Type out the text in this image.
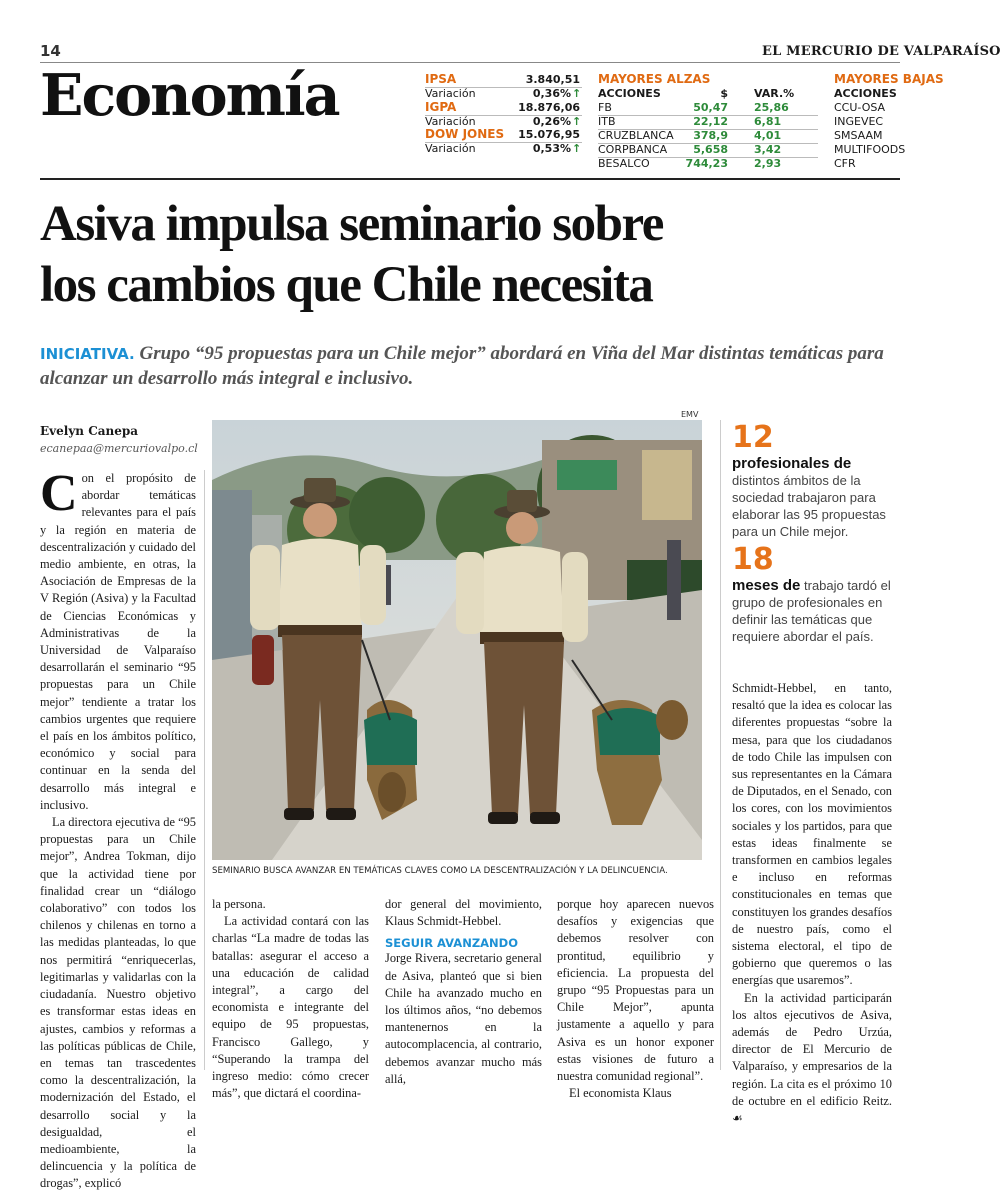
14	EL MERCURIO DE VALPARAÍSO
Economía	IPSA	3.840,51
Variación	0,36%
↑
IGPA	18.876,06
Variación	0,26%
↑
DOW JONES 15.076,95
Variación	0,53%
↑
MAYORES ALZAS
ACCIONES	$ VAR.%
FB	50,47 25,86
ITB	22,12 6,81
CRUZBLANCA	378,9 4,01
CORPBANCA	5,658 3,42
BESALCO	744,23 2,93
MAYORES BAJAS
ACCIONES
CCU-OSA
INGEVEC
SMSAAM
MULTIFOODS
CFR
Asiva impulsa seminario sobre
los cambios que Chile necesita
INICIATIVA. Grupo “95 propuestas para un Chile mejor” abordará en Viña del Mar distintas temáticas para alcanzar un desarrollo más integral e inclusivo.
Evelyn Canepa
ecanepaa@mercuriovalpo.cl

Con el propósito de abordar temáticas relevantes para el país y la región en materia de descentralización y cuidado del medio ambiente, en otras, la Asociación de Empresas de la V Región (Asiva) y la Facultad de Ciencias Económicas y Administrativas de la Universidad de Valparaíso desarrollarán el seminario “95 propuestas para un Chile mejor” tendiente a tratar los cambios urgentes que requiere el país en los ámbitos político, económico y social para continuar en la senda del desarrollo más integral e inclusivo.

La directora ejecutiva de “95 propuestas para un Chile mejor”, Andrea Tokman, dijo que la actividad tiene por finalidad crear un “diálogo colaborativo” con todos los chilenos y chilenas en torno a las medidas planteadas, lo que nos permitirá “enriquecerlas, legitimarlas y validarlas con la ciudadanía. Nuestro objetivo es transformar estas ideas en ajustes, cambios y reformas a las políticas públicas de Chile, en temas tan trascedentes como la descentralización, la modernización del Estado, el desarrollo social y la desigualdad, el medioambiente, la delincuencia y la política de drogas”, explicó

EMV
SEMINARIO BUSCA AVANZAR EN TEMÁTICAS CLAVES COMO LA DESCENTRALIZACIÓN Y LA DELINCUENCIA.
12
profesionales de distintos ámbitos de la sociedad trabajaron para elaborar las 95 propuestas para un Chile mejor.
18
meses de trabajo tardó el grupo de profesionales en definir las temáticas que requiere abordar el país.

la persona.

La actividad contará con las charlas “La madre de todas las batallas: asegurar el acceso a una educación de calidad integral”, a cargo del economista e integrante del equipo de 95 propuestas, Francisco Gallego, y “Superando la trampa del ingreso medio: cómo crecer más”, que dictará el coordina-

dor general del movimiento, Klaus Schmidt-Hebbel.

SEGUIR AVANZANDO

Jorge Rivera, secretario general de Asiva, planteó que si bien Chile ha avanzado mucho en los últimos años, “no debemos mantenernos en la autocomplacencia, al contrario, debemos avanzar mucho más allá,

porque hoy aparecen nuevos desafíos y exigencias que debemos resolver con prontitud, equilibrio y eficiencia. La propuesta del grupo “95 Propuestas para un Chile Mejor”, apunta justamente a aquello y para Asiva es un honor exponer estas visiones de futuro a nuestra comunidad regional”.

El economista Klaus

Schmidt-Hebbel, en tanto, resaltó que la idea es colocar las diferentes propuestas “sobre la mesa, para que los ciudadanos de todo Chile las impulsen con sus representantes en la Cámara de Diputados, en el Senado, con los cores, con los movimientos sociales y los partidos, para que estas ideas finalmente se transformen en cambios legales e incluso en reformas constitucionales en temas que constituyen los grandes desafíos de nuestro país, como el sistema electoral, el tipo de gobierno que queremos o las energías que usaremos”.

En la actividad participarán los altos ejecutivos de Asiva, además de Pedro Urzúa, director de El Mercurio de Valparaíso, y empresarios de la región. La cita es el próximo 10 de octubre en el edificio Reitz. ☙
